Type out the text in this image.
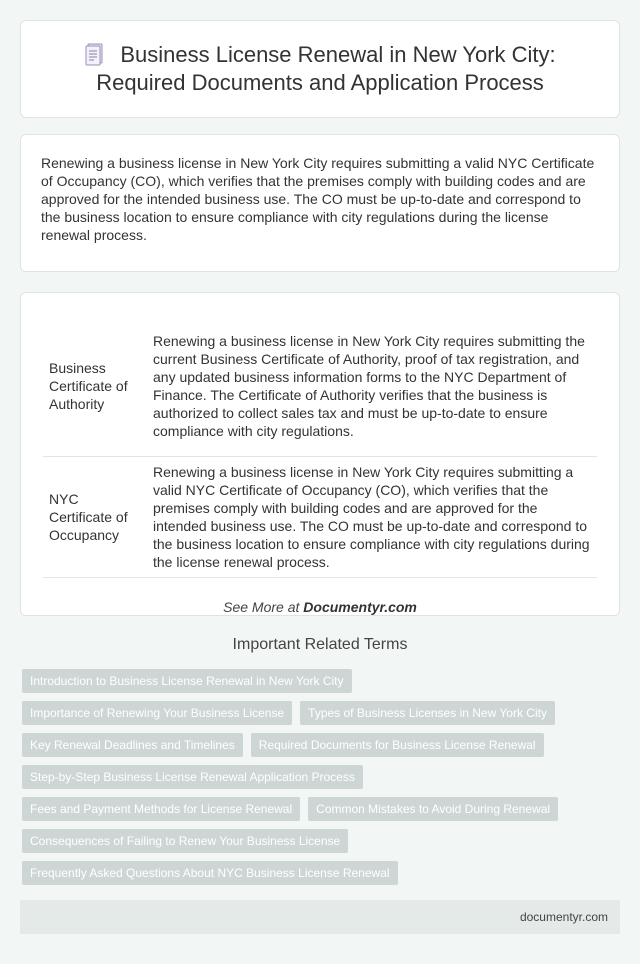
Business License Renewal in New York City: Required Documents and Application Process

Renewing a business license in New York City requires submitting a valid NYC Certificate of Occupancy (CO), which verifies that the premises comply with building codes and are approved for the intended business use. The CO must be up-to-date and correspond to the business location to ensure compliance with city regulations during the license renewal process.

Business Certificate of Authority
Renewing a business license in New York City requires submitting the current Business Certificate of Authority, proof of tax registration, and any updated business information forms to the NYC Department of Finance. The Certificate of Authority verifies that the business is authorized to collect sales tax and must be up-to-date to ensure compliance with city regulations.
NYC Certificate of Occupancy
Renewing a business license in New York City requires submitting a valid NYC Certificate of Occupancy (CO), which verifies that the premises comply with building codes and are approved for the intended business use. The CO must be up-to-date and correspond to the business location to ensure compliance with city regulations during the license renewal process.

See More at Documentyr.com

Important Related Terms
Introduction to Business License Renewal in New York City
Importance of Renewing Your Business License	Types of Business Licenses in New York City
Key Renewal Deadlines and Timelines	Required Documents for Business License Renewal
Step-by-Step Business License Renewal Application Process
Fees and Payment Methods for License Renewal	Common Mistakes to Avoid During Renewal
Consequences of Failing to Renew Your Business License
Frequently Asked Questions About NYC Business License Renewal
documentyr.com
